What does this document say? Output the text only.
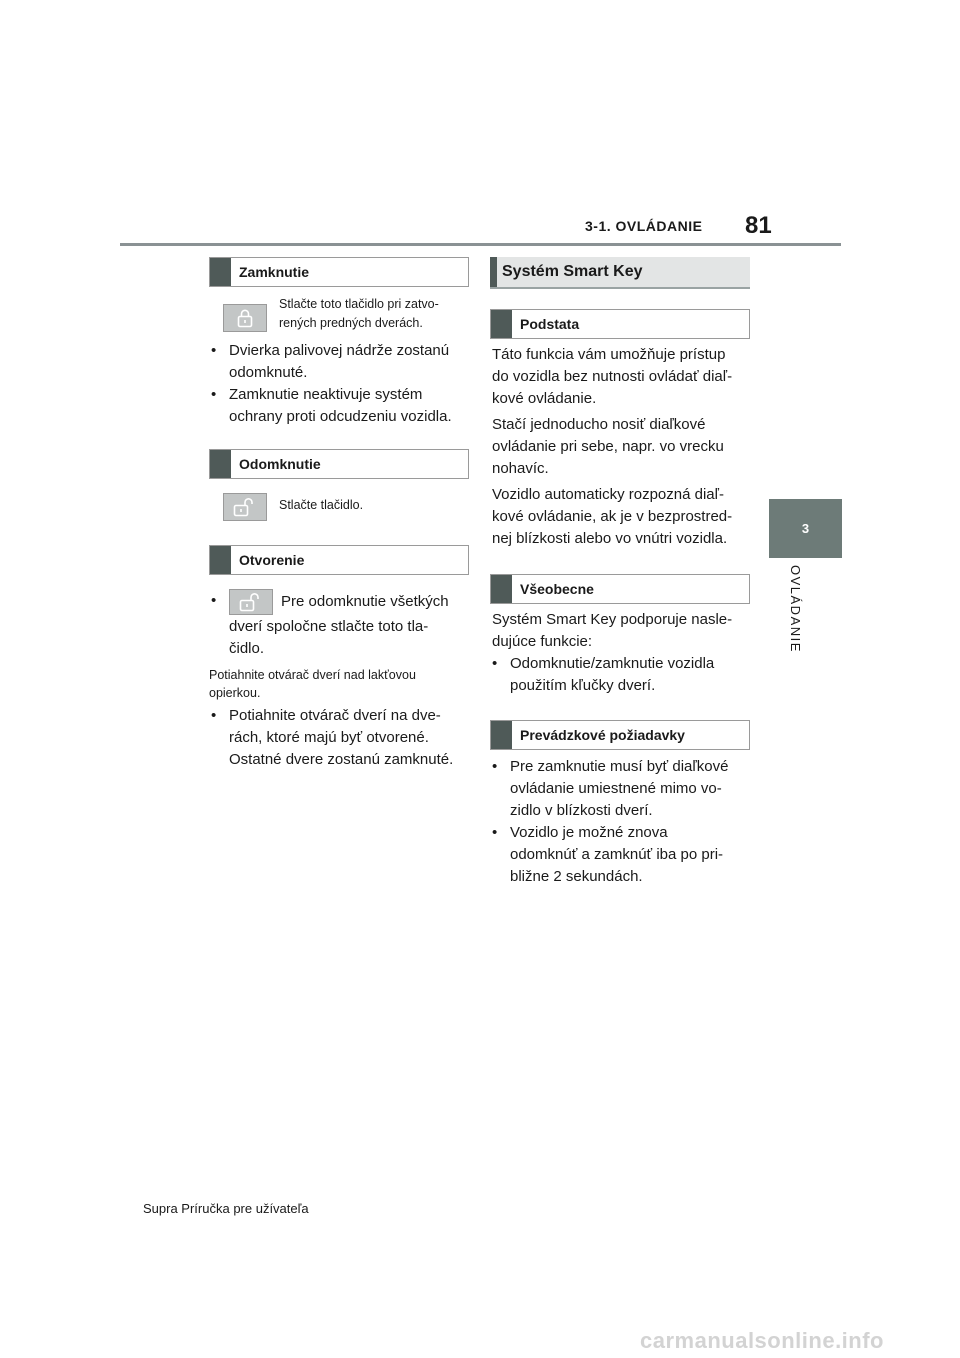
3-1. OVLÁDANIE 81
3
OVLÁDANIE
Zamknutie
Stlačte toto tlačidlo pri zatvo-
rených predných dverách.
• Dvierka palivovej nádrže zostanú
odomknuté.
• Zamknutie neaktivuje systém
ochrany proti odcudzeniu vozidla.
Odomknutie
Stlačte tlačidlo.
Otvorenie
• Pre odomknutie všetkých
dverí spoločne stlačte toto tla-
čidlo.
Potiahnite otvárač dverí nad lakťovou
opierkou.
• Potiahnite otvárač dverí na dve-
rách, ktoré majú byť otvorené.
Ostatné dvere zostanú zamknuté.
Systém Smart Key
Podstata
Táto funkcia vám umožňuje prístup
do vozidla bez nutnosti ovládať diaľ-
kové ovládanie.
Stačí jednoducho nosiť diaľkové
ovládanie pri sebe, napr. vo vrecku
nohavíc.
Vozidlo automaticky rozpozná diaľ-
kové ovládanie, ak je v bezprostred-
nej blízkosti alebo vo vnútri vozidla.
Všeobecne
Systém Smart Key podporuje nasle-
dujúce funkcie:
• Odomknutie/zamknutie vozidla
použitím kľučky dverí.
Prevádzkové požiadavky
• Pre zamknutie musí byť diaľkové
ovládanie umiestnené mimo vo-
zidlo v blízkosti dverí.
• Vozidlo je možné znova
odomknúť a zamknúť iba po pri-
bližne 2 sekundách.
Supra Príručka pre užívateľa
carmanualsonline.info
